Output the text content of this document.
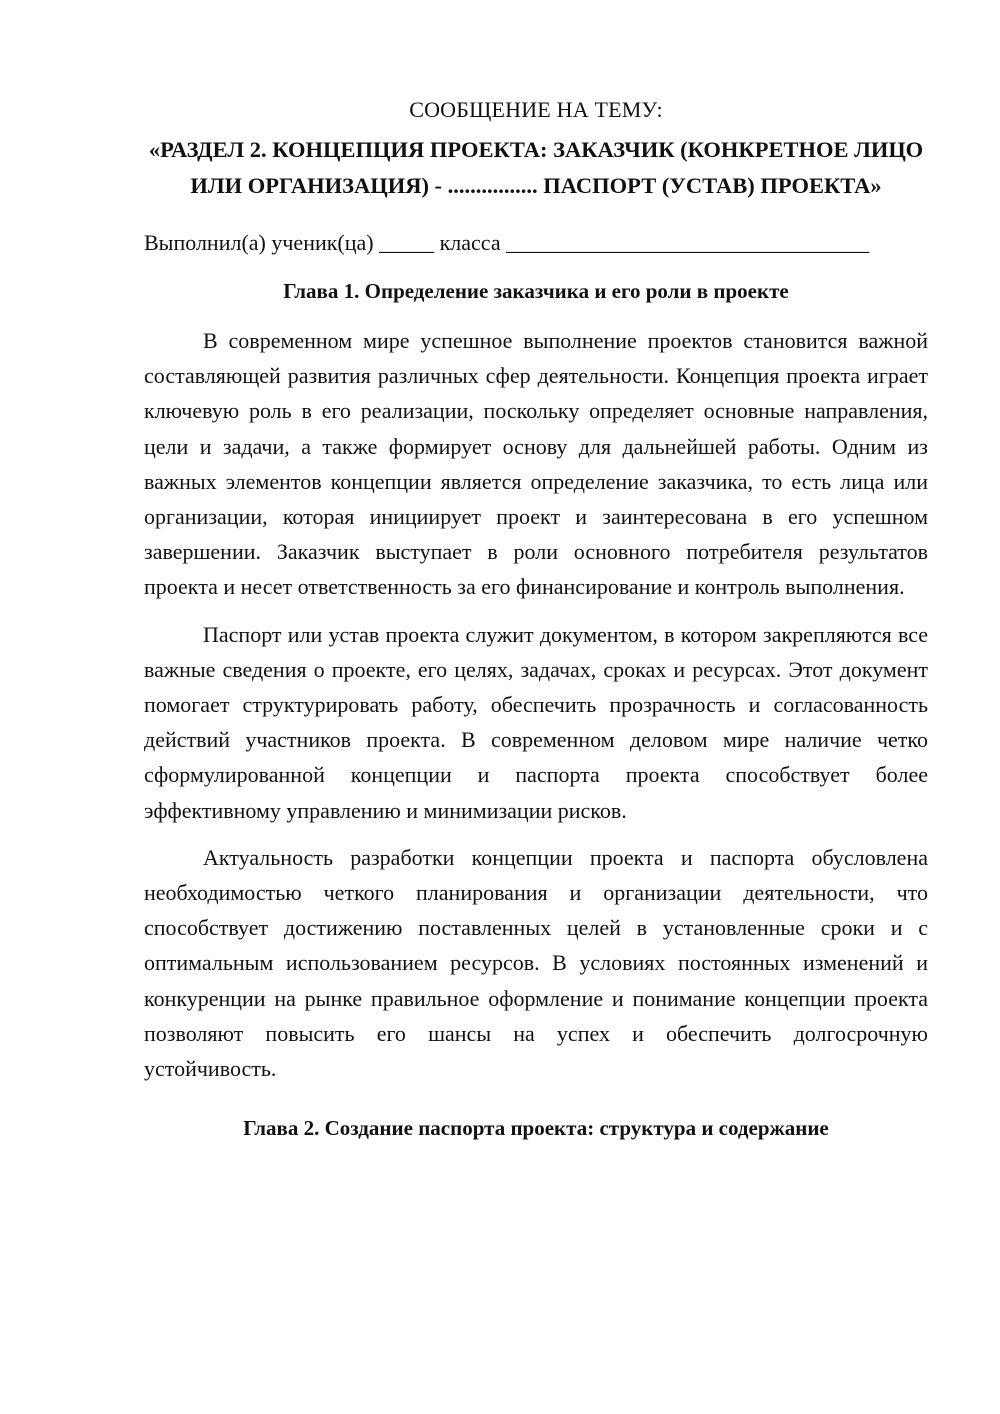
СООБЩЕНИЕ НА ТЕМУ:
«РАЗДЕЛ 2. КОНЦЕПЦИЯ ПРОЕКТА: ЗАКАЗЧИК (КОНКРЕТНОЕ ЛИЦО ИЛИ ОРГАНИЗАЦИЯ) - ................ ПАСПОРТ (УСТАВ) ПРОЕКТА»
Выполнил(а) ученик(ца) _____ класса _________________________________
Глава 1. Определение заказчика и его роли в проекте

В современном мире успешное выполнение проектов становится важной составляющей развития различных сфер деятельности. Концепция проекта играет ключевую роль в его реализации, поскольку определяет основные направления, цели и задачи, а также формирует основу для дальнейшей работы. Одним из важных элементов концепции является определение заказчика, то есть лица или организации, которая инициирует проект и заинтересована в его успешном завершении. Заказчик выступает в роли основного потребителя результатов проекта и несет ответственность за его финансирование и контроль выполнения.

Паспорт или устав проекта служит документом, в котором закрепляются все важные сведения о проекте, его целях, задачах, сроках и ресурсах. Этот документ помогает структурировать работу, обеспечить прозрачность и согласованность действий участников проекта. В современном деловом мире наличие четко сформулированной концепции и паспорта проекта способствует более эффективному управлению и минимизации рисков.

Актуальность разработки концепции проекта и паспорта обусловлена необходимостью четкого планирования и организации деятельности, что способствует достижению поставленных целей в установленные сроки и с оптимальным использованием ресурсов. В условиях постоянных изменений и конкуренции на рынке правильное оформление и понимание концепции проекта позволяют повысить его шансы на успех и обеспечить долгосрочную устойчивость.

Глава 2. Создание паспорта проекта: структура и содержание
